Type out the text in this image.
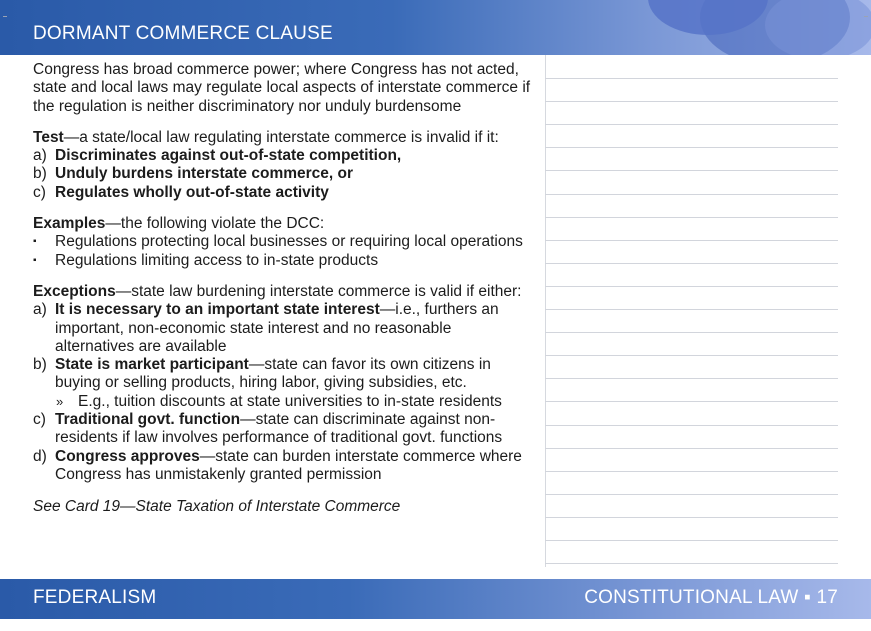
DORMANT COMMERCE CLAUSE

Congress has broad commerce power; where Congress has not acted, state and local laws may regulate local aspects of interstate commerce if the regulation is neither discriminatory nor unduly burdensome

Test—a state/local law regulating interstate commerce is invalid if it:

a) Discriminates against out-of-state competition,
b) Unduly burdens interstate commerce, or
c) Regulates wholly out-of-state activity

Examples—the following violate the DCC:

▪	Regulations protecting local businesses or requiring local operations
▪	Regulations limiting access to in-state products

Exceptions—state law burdening interstate commerce is valid if either:

a) It is necessary to an important state interest—i.e., furthers an important, non-economic state interest and no reasonable alternatives are available
b) State is market participant—state can favor its own citizens in buying or selling products, hiring labor, giving subsidies, etc.
» E.g., tuition discounts at state universities to in-state residents
c) Traditional govt. function—state can discriminate against non-residents if law involves performance of traditional govt. functions
d) Congress approves—state can burden interstate commerce where Congress has unmistakenly granted permission

See Card 19—State Taxation of Interstate Commerce

FEDERALISM	CONSTITUTIONAL LAW ▪ 17
